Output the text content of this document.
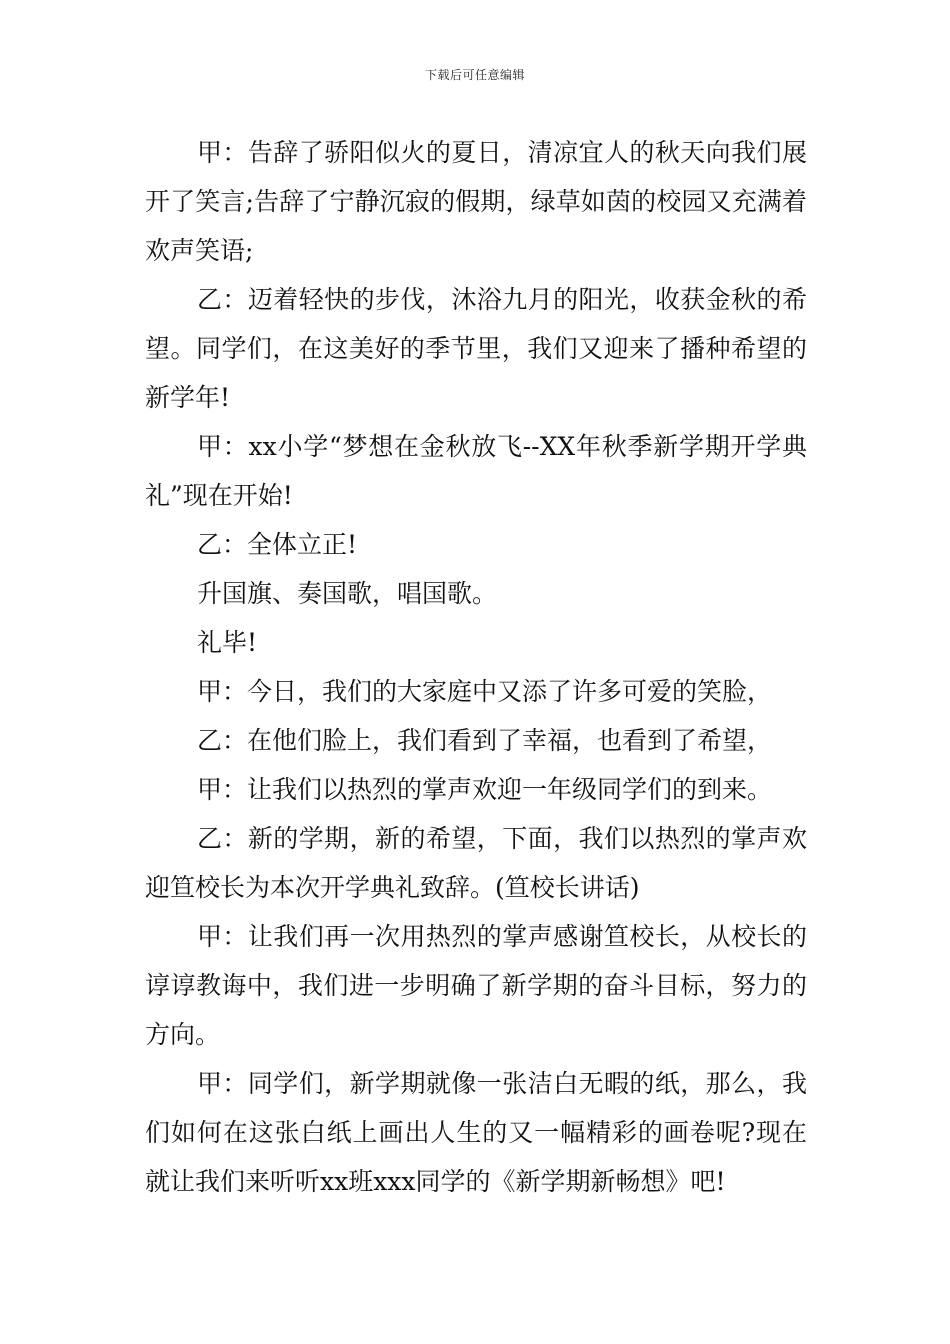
下载后可任意编辑

甲：告辞了骄阳似火的夏日，清凉宜人的秋天向我们展开了笑言;告辞了宁静沉寂的假期，绿草如茵的校园又充满着欢声笑语;

乙：迈着轻快的步伐，沐浴九月的阳光，收获金秋的希望。同学们，在这美好的季节里，我们又迎来了播种希望的新学年!

甲：xx小学“梦想在金秋放飞--XX年秋季新学期开学典礼”现在开始!

乙：全体立正!

升国旗、奏国歌，唱国歌。

礼毕!

甲：今日，我们的大家庭中又添了许多可爱的笑脸，

乙：在他们脸上，我们看到了幸福，也看到了希望，

甲：让我们以热烈的掌声欢迎一年级同学们的到来。

乙：新的学期，新的希望，下面，我们以热烈的掌声欢迎笪校长为本次开学典礼致辞。(笪校长讲话)

甲：让我们再一次用热烈的掌声感谢笪校长，从校长的谆谆教诲中，我们进一步明确了新学期的奋斗目标，努力的方向。

甲：同学们，新学期就像一张洁白无暇的纸，那么，我们如何在这张白纸上画出人生的又一幅精彩的画卷呢?现在就让我们来听听xx班xxx同学的《新学期新畅想》吧!
